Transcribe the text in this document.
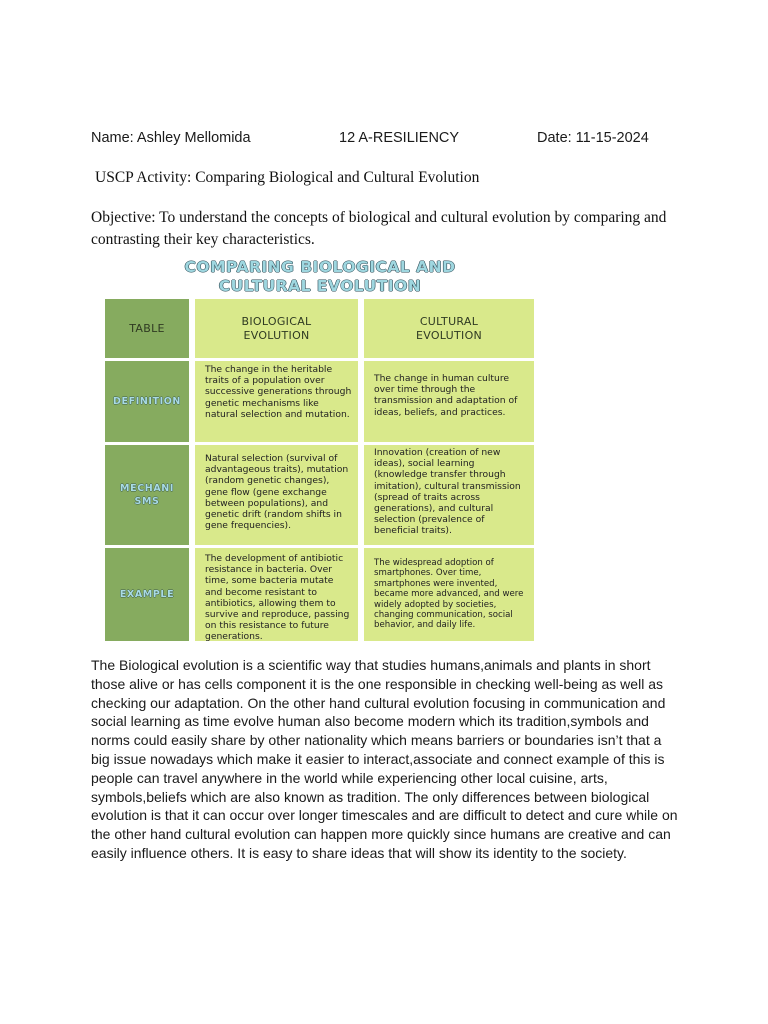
Name: Ashley Mellomida	12 A-RESILIENCY	Date: 11-15-2024
USCP Activity: Comparing Biological and Cultural Evolution
Objective: To understand the concepts of biological and cultural evolution by comparing and contrasting their key characteristics.
COMPARING BIOLOGICAL AND
CULTURAL EVOLUTION
TABLE
BIOLOGICAL EVOLUTION
CULTURAL EVOLUTION
DEFINITION
The change in the heritable traits of a population over successive generations through genetic mechanisms like natural selection and mutation.
The change in human culture over time through the transmission and adaptation of ideas, beliefs, and practices.
MECHANI SMS
Natural selection (survival of advantageous traits), mutation (random genetic changes), gene flow (gene exchange between populations), and genetic drift (random shifts in gene frequencies).
Innovation (creation of new ideas), social learning (knowledge transfer through imitation), cultural transmission (spread of traits across generations), and cultural selection (prevalence of beneficial traits).
EXAMPLE
The development of antibiotic resistance in bacteria. Over time, some bacteria mutate and become resistant to antibiotics, allowing them to survive and reproduce, passing on this resistance to future generations.
The widespread adoption of smartphones. Over time, smartphones were invented, became more advanced, and were widely adopted by societies, changing communication, social behavior, and daily life.
The Biological evolution is a scientific way that studies humans,animals and plants in short those alive or has cells component it is the one responsible in checking well-being as well as checking our adaptation. On the other hand cultural evolution focusing in communication and social learning as time evolve human also become modern which its tradition,symbols and norms could easily share by other nationality which means barriers or boundaries isn’t that a big issue nowadays which make it easier to interact,associate and connect example of this is people can travel anywhere in the world while experiencing other local cuisine, arts, symbols,beliefs which are also known as tradition. The only differences between biological evolution is that it can occur over longer timescales and are difficult to detect and cure while on the other hand cultural evolution can happen more quickly since humans are creative and can easily influence others. It is easy to share ideas that will show its identity to the society.
